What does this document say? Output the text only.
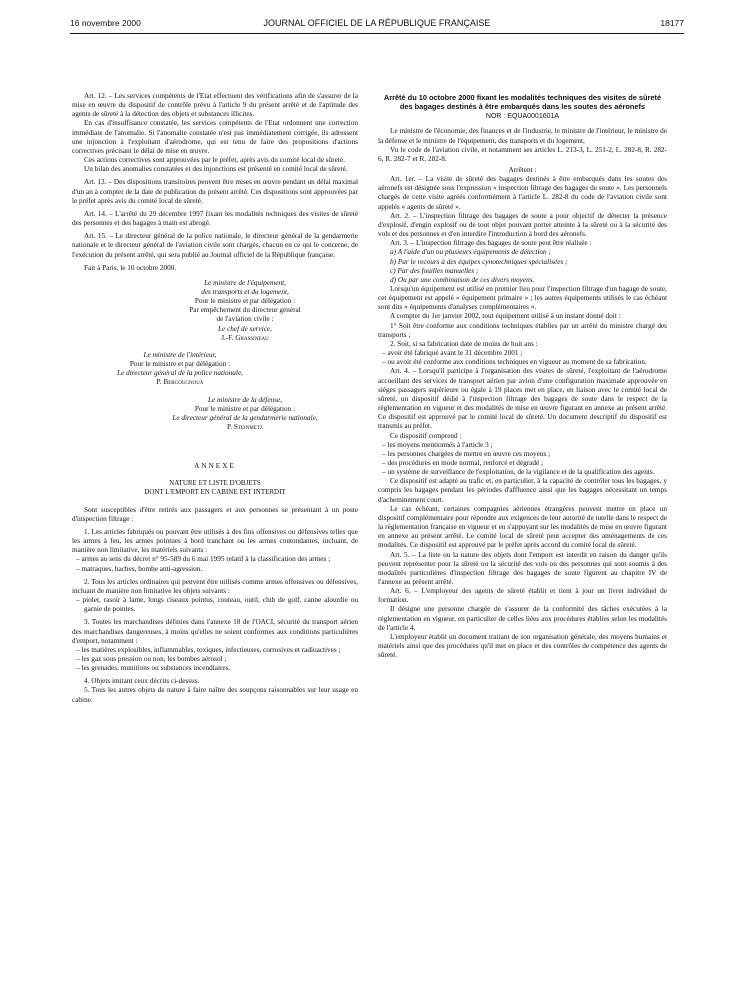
16 novembre 2000	JOURNAL OFFICIEL DE LA RÉPUBLIQUE FRANÇAISE	18177

Art. 12. – Les services compétents de l'Etat effectuent des vérifications afin de s'assurer de la mise en œuvre du dispositif de contrôle prévu à l'article 9 du présent arrêté et de l'aptitude des agents de sûreté à la détection des objets et substances illicites.

En cas d'insuffisance constatée, les services compétents de l'Etat ordonnent une correction immédiate de l'anomalie. Si l'anomalie constatée n'est pas immédiatement corrigée, ils adressent une injonction à l'exploitant d'aérodrome, qui est tenu de faire des propositions d'actions correctives précisant le délai de mise en œuvre.

Ces actions correctives sont approuvées par le préfet, après avis du comité local de sûreté.

Un bilan des anomalies constatées et des injonctions est présenté en comité local de sûreté.

Art. 13. – Des dispositions transitoires peuvent être mises en œuvre pendant un délai maximal d'un an à compter de la date de publication du présent arrêté. Ces dispositions sont approuvées par le préfet après avis du comité local de sûreté.

Art. 14. – L'arrêté du 29 décembre 1997 fixant les modalités techniques des visites de sûreté des personnes et des bagages à main est abrogé.

Art. 15. – Le directeur général de la police nationale, le directeur général de la gendarmerie nationale et le directeur général de l'aviation civile sont chargés, chacun en ce qui le concerne, de l'exécution du présent arrêté, qui sera publié au Journal officiel de la République française.

Fait à Paris, le 10 octobre 2000.

Le ministre de l'équipement,

des transports et du logement,

Pour le ministre et par délégation :

Par empêchement du directeur général

de l'aviation civile :

Le chef de service,

J.-F. Grassineau

Le ministre de l'intérieur,

Pour le ministre et par délégation :

Le directeur général de la police nationale,

P. Bergougnoux

Le ministre de la défense,

Pour le ministre et par délégation :

Le directeur général de la gendarmerie nationale,

P. Steinmetz

ANNEXE

NATURE ET LISTE D'OBJETS

DONT L'EMPORT EN CABINE EST INTERDIT

Sont susceptibles d'être retirés aux passagers et aux personnes se présentant à un poste d'inspection filtrage :

1. Les articles fabriqués ou pouvant être utilisés à des fins offensives ou défensives telles que les armes à feu, les armes pointues à bord tranchant ou les armes contondantes, incluant, de manière non limitative, les matériels suivants :

– armes au sens du décret n° 95-589 du 6 mai 1995 relatif à la classification des armes ;

– matraques, haches, bombe anti-agression.

2. Tous les articles ordinaires qui peuvent être utilisés comme armes offensives ou défensives, incluant de manière non limitative les objets suivants :

– piolet, rasoir à lame, longs ciseaux pointus, couteau, outil, club de golf, canne alourdie ou garnie de pointes.

3. Toutes les marchandises définies dans l'annexe 18 de l'OACI, sécurité du transport aérien des marchandises dangereuses, à moins qu'elles ne soient conformes aux conditions particulières d'emport, notamment :

– les matières explosibles, inflammables, toxiques, infectieuses, corrosives et radioactives ;

– les gaz sous pression ou non, les bombes aérosol ;

– les grenades, munitions ou substances incendiaires.

4. Objets imitant ceux décrits ci-dessus.

5. Tous les autres objets de nature à faire naître des soupçons raisonnables sur leur usage en cabine.

Arrêté du 10 octobre 2000 fixant les modalités techniques des visites de sûreté des bagages destinés à être embarqués dans les soutes des aéronefs

NOR : EQUA0001601A

Le ministre de l'économie, des finances et de l'industrie, le ministre de l'intérieur, le ministre de la défense et le ministre de l'équipement, des transports et du logement,

Vu le code de l'aviation civile, et notamment ses articles L. 213-3, L. 251-2, L. 282-8, R. 282-6, R. 282-7 et R. 282-8.

Arrêtent :

Art. 1er. – La visite de sûreté des bagages destinés à être embarqués dans les soutes des aéronefs est désignée sous l'expression « inspection filtrage des bagages de soute ». Les personnels chargés de cette visite agréés conformément à l'article L. 282-8 du code de l'aviation civile sont appelés « agents de sûreté ».

Art. 2. – L'inspection filtrage des bagages de soute a pour objectif de détecter la présence d'explosif, d'engin explosif ou de tout objet pouvant porter atteinte à la sûreté ou à la sécurité des vols et des personnes et d'en interdire l'introduction à bord des aéronefs.

Art. 3. – L'inspection filtrage des bagages de soute peut être réalisée :

a) A l'aide d'un ou plusieurs équipements de détection ;

b) Par le recours à des équipes cynotechniques spécialisées ;

c) Par des fouilles manuelles ;

d) Ou par une combinaison de ces divers moyens.

Lorsqu'un équipement est utilisé en premier lieu pour l'inspection filtrage d'un bagage de soute, cet équipement est appelé « équipement primaire » ; les autres équipements utilisés le cas échéant sont dits « équipements d'analyses complémentaires ».

A compter du 1er janvier 2002, tout équipement utilisé à un instant donné doit :

1° Soit être conforme aux conditions techniques établies par un arrêté du ministre chargé des transports ;

2. Soit, si sa fabrication date de moins de huit ans :

– avoir été fabriqué avant le 31 décembre 2001 ;

– ou avoir été conforme aux conditions techniques en vigueur au moment de sa fabrication.

Art. 4. – Lorsqu'il participe à l'organisation des visites de sûreté, l'exploitant de l'aérodrome accueillant des services de transport aérien par avion d'une configuration maximale approuvée en sièges passagers supérieure ou égale à 19 places met en place, en liaison avec le comité local de sûreté, un dispositif dédié à l'inspection filtrage des bagages de soute dans le respect de la réglementation en vigueur et des modalités de mise en œuvre figurant en annexe au présent arrêté. Ce dispositif est approuvé par le comité local de sûreté. Un document descriptif du dispositif est transmis au préfet.

Ce dispositif comprend :

– les moyens mentionnés à l'article 3 ;

– les personnes chargées de mettre en œuvre ces moyens ;

– des procédures en mode normal, renforcé et dégradé ;

– un système de surveillance de l'exploitation, de la vigilance et de la qualification des agents.

Ce dispositif est adapté au trafic et, en particulier, à la capacité de contrôler tous les bagages, y compris les bagages pendant les périodes d'affluence ainsi que les bagages nécessitant un temps d'acheminement court.

Le cas échéant, certaines compagnies aériennes étrangères peuvent mettre en place un dispositif complémentaire pour répondre aux exigences de leur autorité de tutelle dans le respect de la réglementation française en vigueur et en s'appuyant sur les modalités de mise en œuvre figurant en annexe au présent arrêté. Le comité local de sûreté peut accepter des aménagements de ces modalités. Ce dispositif est approuvé par le préfet après accord du comité local de sûreté.

Art. 5. – La liste ou la nature des objets dont l'emport est interdit en raison du danger qu'ils peuvent représenter pour la sûreté ou la sécurité des vols ou des personnes qui sont soumis à des modalités particulières d'inspection filtrage des bagages de soute figurent au chapitre IV de l'annexe au présent arrêté.

Art. 6. – L'employeur des agents de sûreté établit et tient à jour un livret individuel de formation.

Il désigne une personne chargée de s'assurer de la conformité des tâches exécutées à la réglementation en vigueur, en particulier de celles liées aux procédures établies selon les modalités de l'article 4.

L'employeur établit un document traitant de son organisation générale, des moyens humains et matériels ainsi que des procédures qu'il met en place et des contrôles de compétence des agents de sûreté.
